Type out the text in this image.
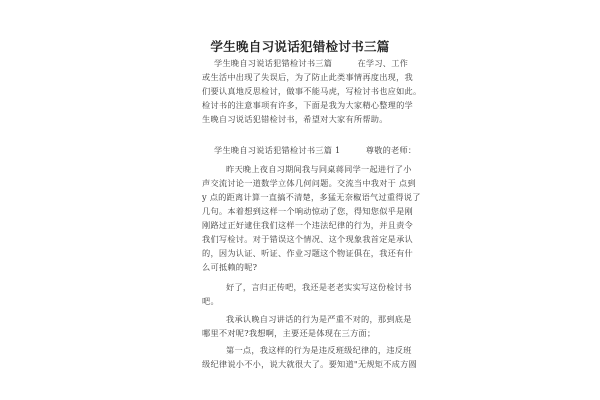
学生晚自习说话犯错检讨书三篇
学生晚自习说话犯错检讨书三篇　　　在学习、工作
或生活中出现了失误后，为了防止此类事情再度出现，我
们要认真地反思检讨，做事不能马虎，写检讨书也应如此。
检讨书的注意事项有许多，下面是我为大家精心整理的学
生晚自习说话犯错检讨书，希望对大家有所帮助。
学生晚自习说话犯错检讨书三篇 1　　　尊敬的老师：
昨天晚上夜自习期间我与同桌蒋同学一起进行了小
声交流讨论一道数学立体几何问题。交流当中我对于 点到
y 点的距离计算一直搞不清楚，多猛无奈椒语气过重得说了
几句。本着想到这样一个响动惊动了您，得知您似乎是刚
刚路过正好逮住我们这样一个违法纪律的行为，并且责令
我们写检讨。对于错误这个情况、这个现象我首定是承认
的，因为认证、听证、作业习题这个物证俱在，我还有什
么可抵赖的呢?
好了，言归正传吧，我还是老老实实写这份检讨书
吧。
我承认晚自习讲话的行为是严重不对的，那到底是
哪里不对呢?我想啊，主要还是体现在三方面；
第一点，我这样的行为是违反班级纪律的，违反班
级纪律说小不小，说大就很大了。要知道"无规矩不成方圆
